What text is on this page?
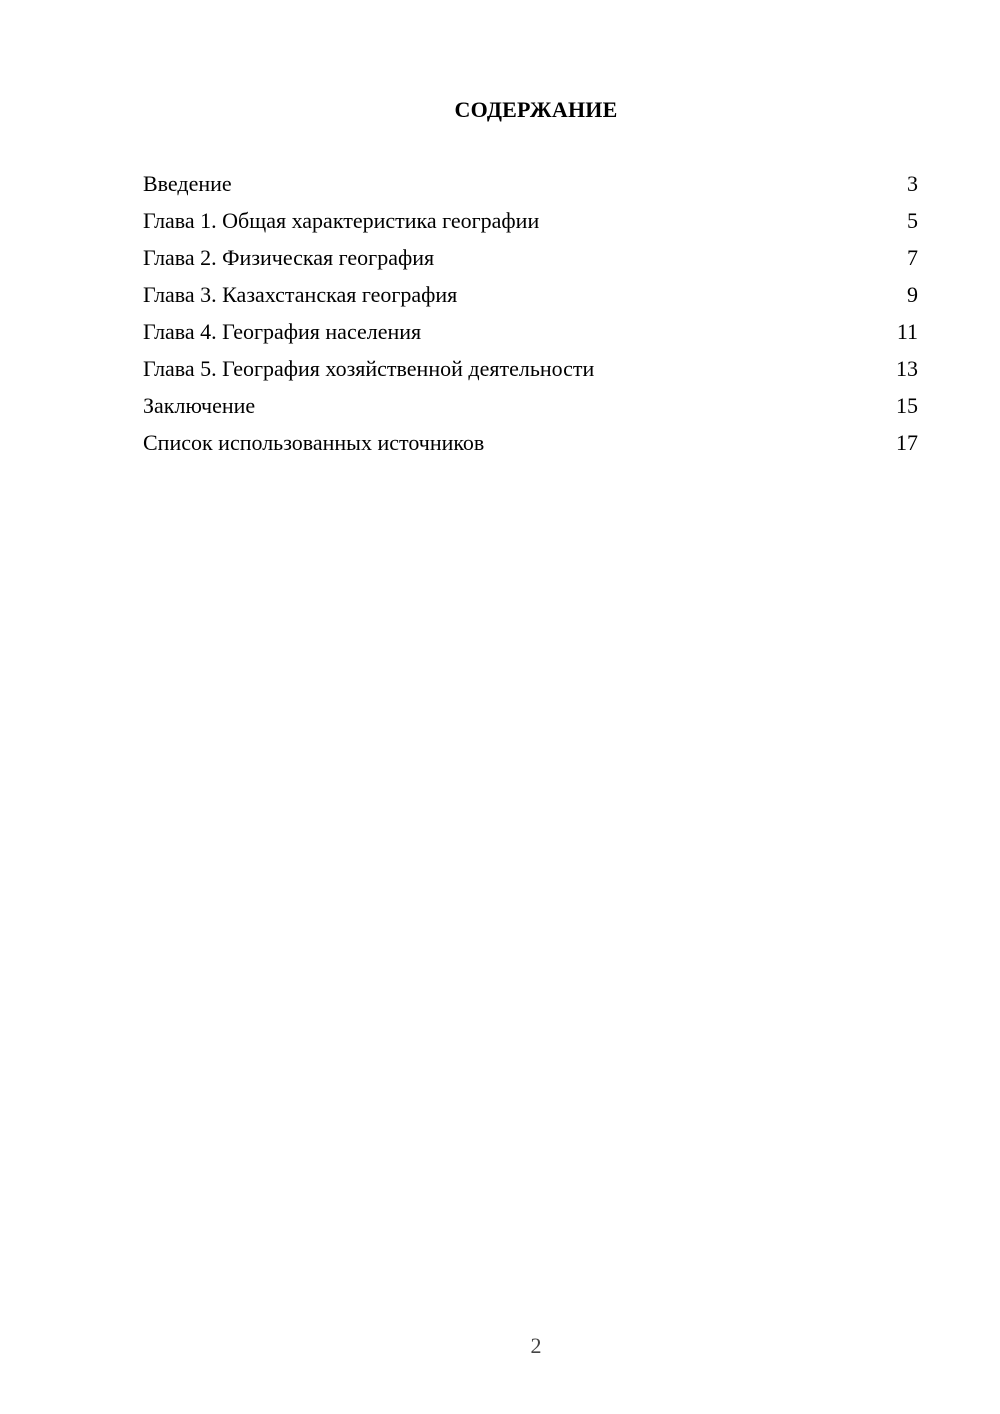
СОДЕРЖАНИЕ
Введение	3
Глава 1. Общая характеристика географии	5
Глава 2. Физическая география	7
Глава 3. Казахстанская география	9
Глава 4. География населения	11
Глава 5. География хозяйственной деятельности	13
Заключение	15
Список использованных источников	17
2
